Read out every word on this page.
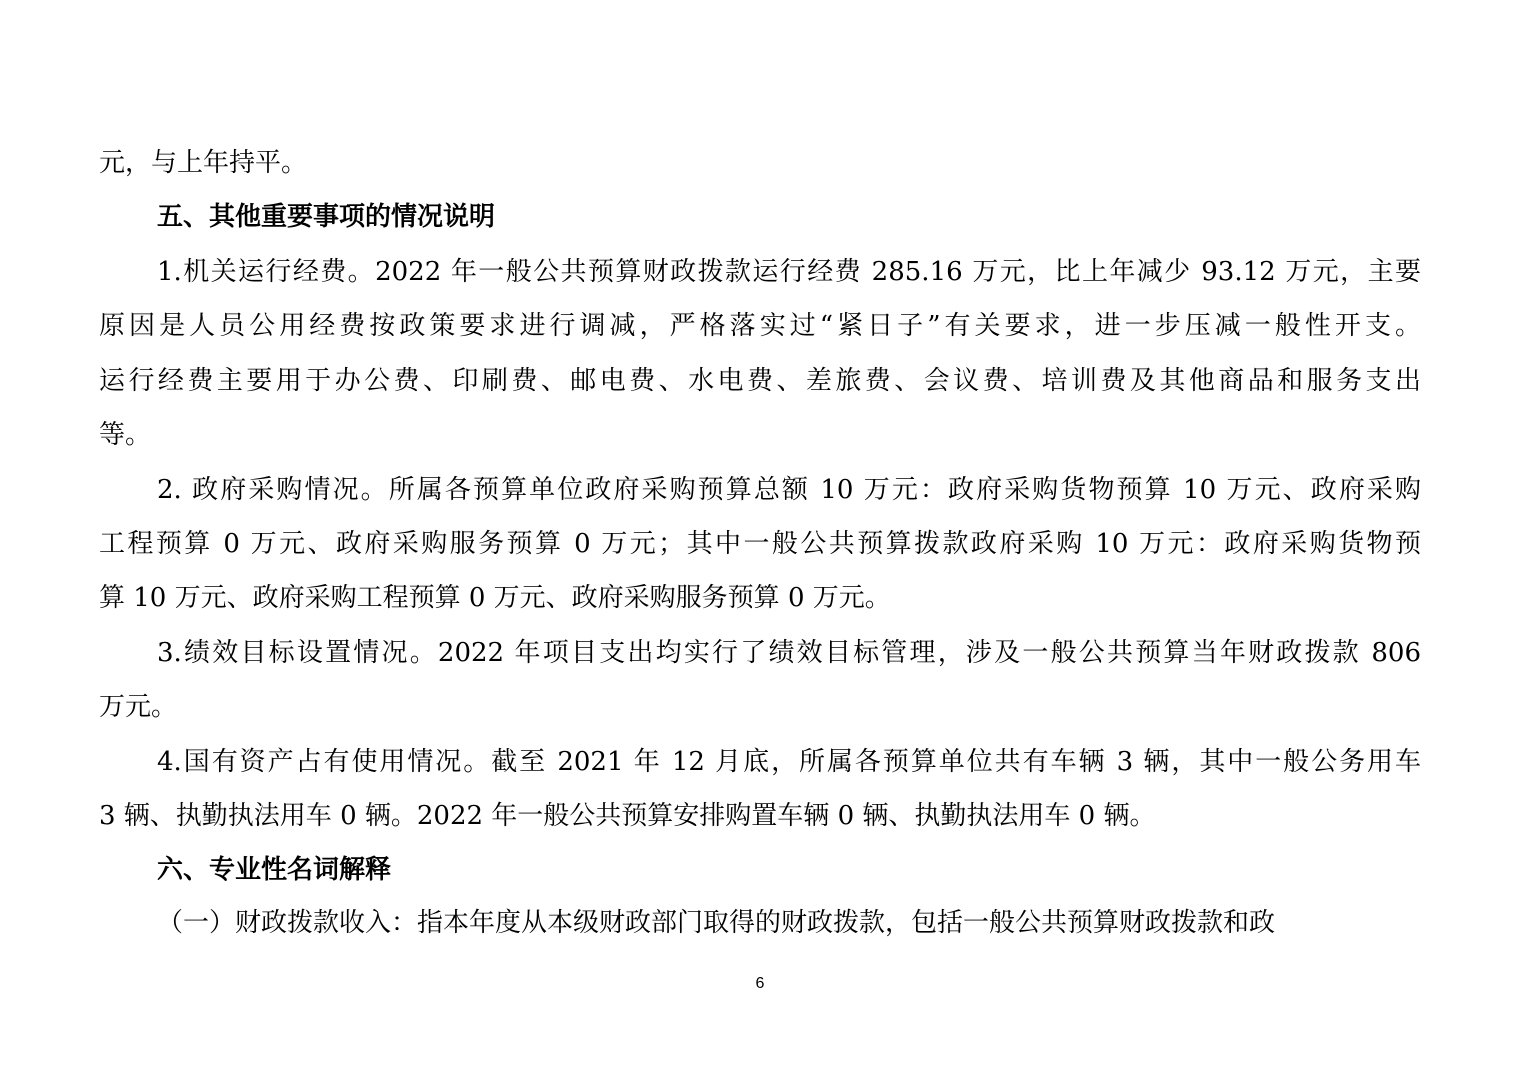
元，与上年持平。
五、其他重要事项的情况说明
1.机关运行经费。2022 年一般公共预算财政拨款运行经费 285.16 万元，比上年减少 93.12 万元，主要
原因是人员公用经费按政策要求进行调减，严格落实过“紧日子”有关要求，进一步压减一般性开支。
运行经费主要用于办公费、印刷费、邮电费、水电费、差旅费、会议费、培训费及其他商品和服务支出
等。
2. 政府采购情况。所属各预算单位政府采购预算总额 10 万元：政府采购货物预算 10 万元、政府采购
工程预算 0 万元、政府采购服务预算 0 万元；其中一般公共预算拨款政府采购 10 万元：政府采购货物预
算 10 万元、政府采购工程预算 0 万元、政府采购服务预算 0 万元。
3.绩效目标设置情况。2022 年项目支出均实行了绩效目标管理，涉及一般公共预算当年财政拨款 806
万元。
4.国有资产占有使用情况。截至 2021 年 12 月底，所属各预算单位共有车辆 3 辆，其中一般公务用车
3 辆、执勤执法用车 0 辆。2022 年一般公共预算安排购置车辆 0 辆、执勤执法用车 0 辆。
六、专业性名词解释
（一）财政拨款收入：指本年度从本级财政部门取得的财政拨款，包括一般公共预算财政拨款和政
6
